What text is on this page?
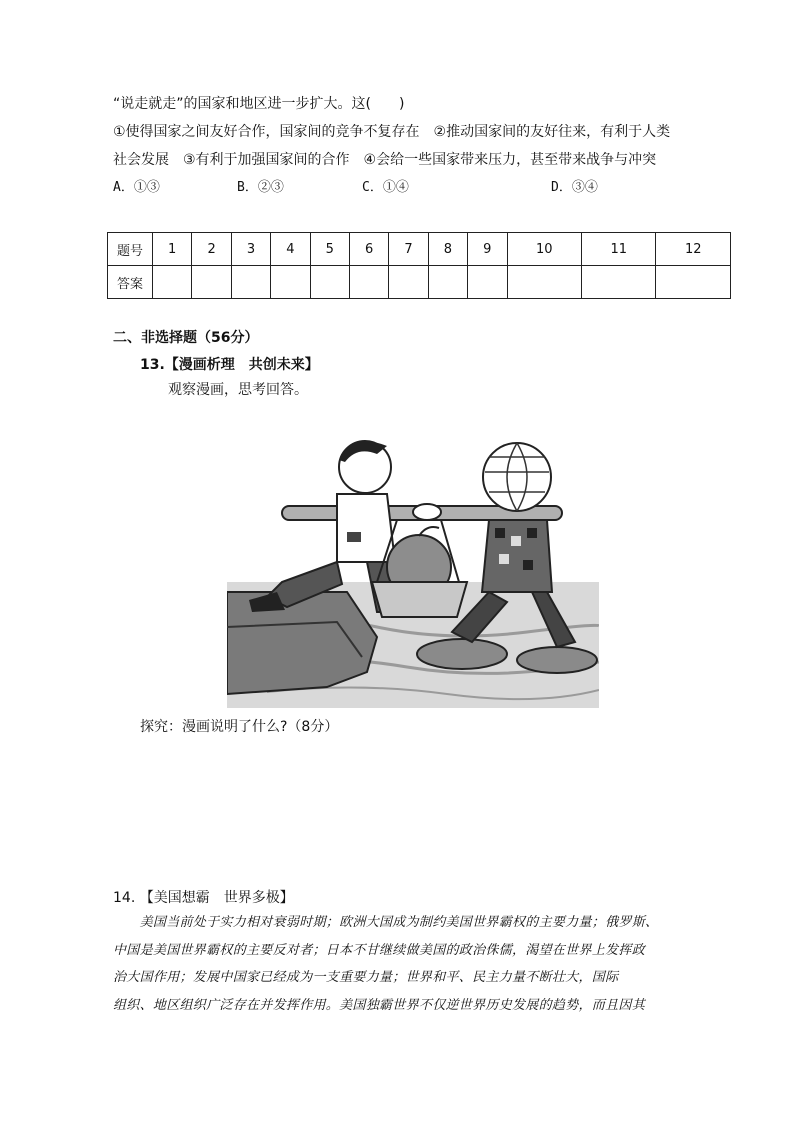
“说走就走”的国家和地区进一步扩大。这(　　)
①使得国家之间友好合作，国家间的竞争不复存在　②推动国家间的友好往来，有利于人类
社会发展　③有利于加强国家间的合作　④会给一些国家带来压力，甚至带来战争与冲突
A．①③	B．②③	C．①④	D．③④
题号	1	2	3	4	5	6	7	8	9	10	11	12
答案												
二、非选择题（56分）
13.【漫画析理　共创未来】
观察漫画，思考回答。
探究：漫画说明了什么?（8分）
14. 【美国想霸　世界多极】
　　美国当前处于实力相对衰弱时期；欧洲大国成为制约美国世界霸权的主要力量；俄罗斯、
中国是美国世界霸权的主要反对者；日本不甘继续做美国的政治侏儒，渴望在世界上发挥政
治大国作用；发展中国家已经成为一支重要力量；世界和平、民主力量不断壮大，国际
组织、地区组织广泛存在并发挥作用。美国独霸世界不仅逆世界历史发展的趋势，而且因其
